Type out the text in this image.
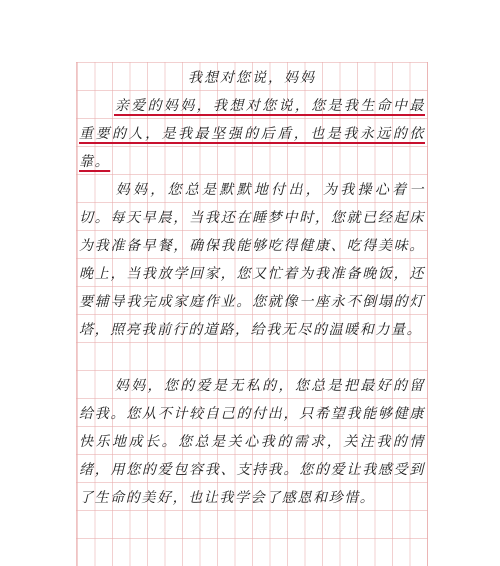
我想对您说，妈妈
亲爱的妈妈，我想对您说，您是我生命中最重要的人，是我最坚强的后盾，也是我永远的依靠。
妈妈，您总是默默地付出，为我操心着一切。每天早晨，当我还在睡梦中时，您就已经起床为我准备早餐，确保我能够吃得健康、吃得美味。晚上，当我放学回家，您又忙着为我准备晚饭，还要辅导我完成家庭作业。您就像一座永不倒塌的灯塔，照亮我前行的道路，给我无尽的温暖和力量。
妈妈，您的爱是无私的，您总是把最好的留给我。您从不计较自己的付出，只希望我能够健康快乐地成长。您总是关心我的需求，关注我的情绪，用您的爱包容我、支持我。您的爱让我感受到了生命的美好，也让我学会了感恩和珍惜。
